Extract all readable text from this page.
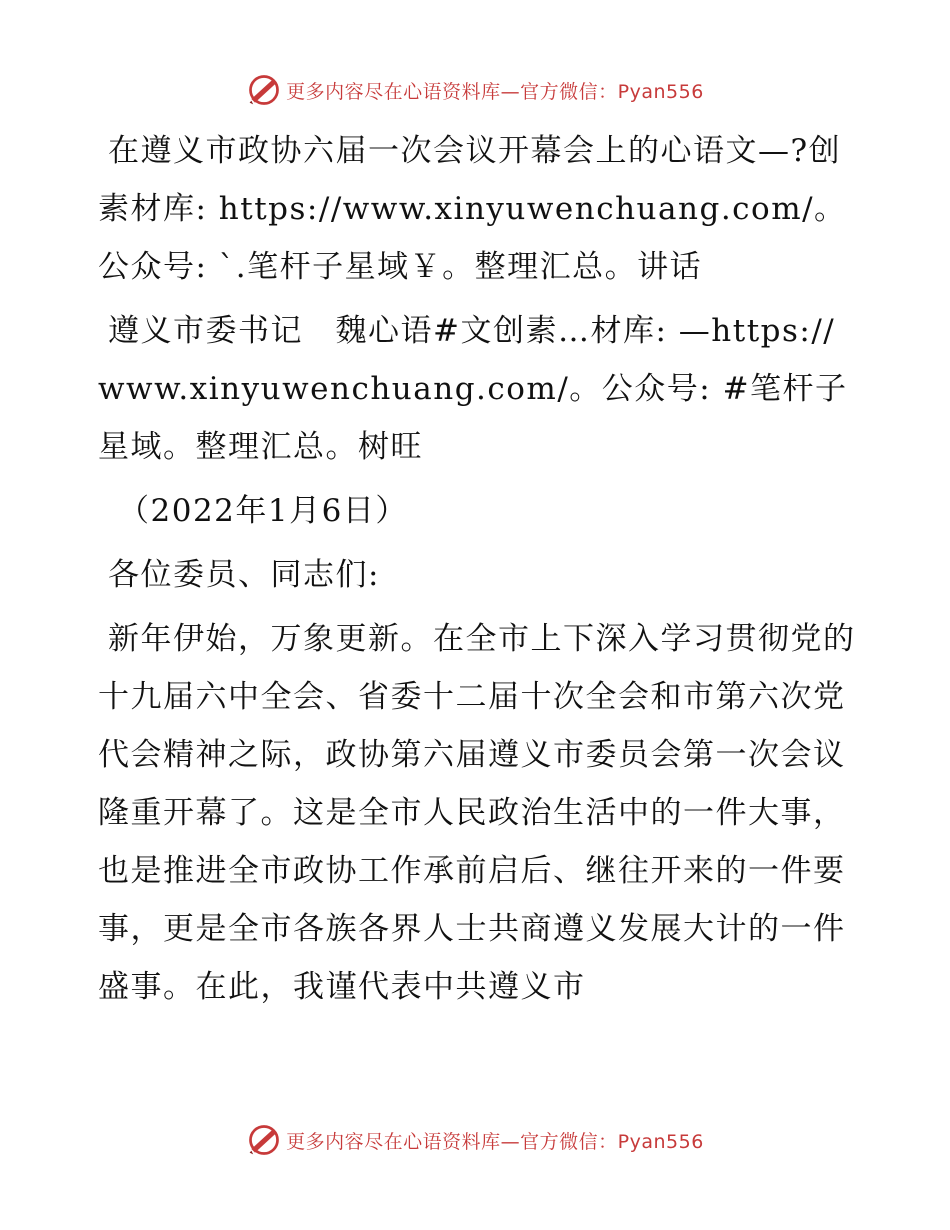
更多内容尽在心语资料库—官方微信：Pyan556

在遵义市政协六届一次会议开幕会上的心语文—?创素材库: https://www.xinyuwenchuang.com/。公众号: `.笔杆子星域￥。整理汇总。讲话

遵义市委书记　魏心语#文创素…材库: —https://www.xinyuwenchuang.com/。公众号: #笔杆子星域。整理汇总。树旺

（2022年1月6日）

各位委员、同志们:

新年伊始，万象更新。在全市上下深入学习贯彻党的十九届六中全会、省委十二届十次全会和市第六次党代会精神之际，政协第六届遵义市委员会第一次会议隆重开幕了。这是全市人民政治生活中的一件大事，也是推进全市政协工作承前启后、继往开来的一件要事，更是全市各族各界人士共商遵义发展大计的一件盛事。在此，我谨代表中共遵义市

更多内容尽在心语资料库—官方微信：Pyan556
